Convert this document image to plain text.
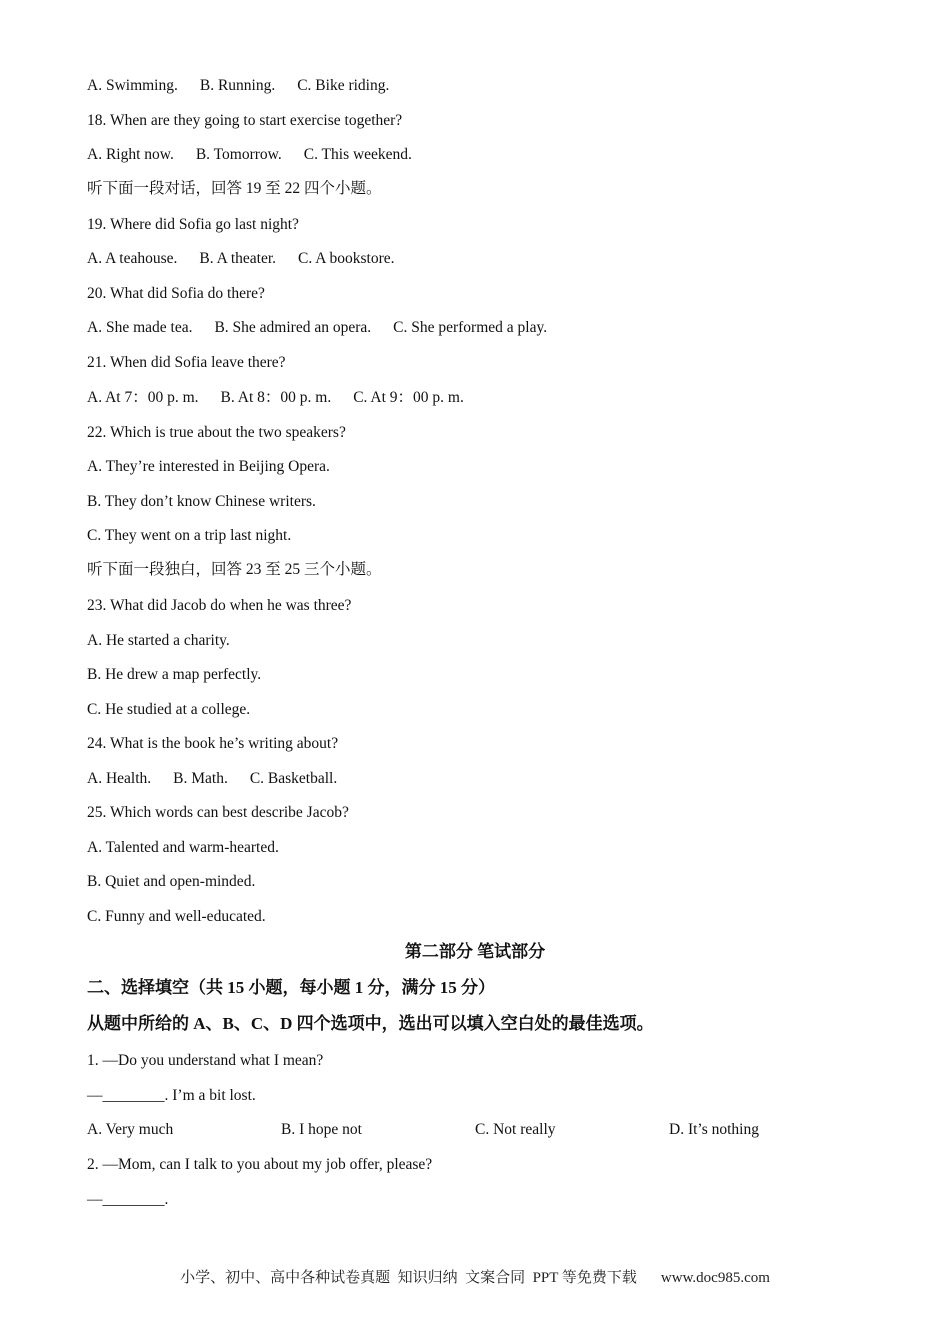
A. Swimming. B. Running. C. Bike riding.
18. When are they going to start exercise together?
A. Right now. B. Tomorrow. C. This weekend.
听下面一段对话，回答 19 至 22 四个小题。
19. Where did Sofia go last night?
A. A teahouse. B. A theater. C. A bookstore.
20. What did Sofia do there?
A. She made tea. B. She admired an opera. C. She performed a play.
21. When did Sofia leave there?
A. At 7：00 p. m. B. At 8：00 p. m. C. At 9：00 p. m.
22. Which is true about the two speakers?
A. They’re interested in Beijing Opera.
B. They don’t know Chinese writers.
C. They went on a trip last night.
听下面一段独白，回答 23 至 25 三个小题。
23. What did Jacob do when he was three?
A. He started a charity.
B. He drew a map perfectly.
C. He studied at a college.
24. What is the book he’s writing about?
A. Health. B. Math. C. Basketball.
25. Which words can best describe Jacob?
A. Talented and warm-hearted.
B. Quiet and open-minded.
C. Funny and well-educated.
第二部分 笔试部分
二、选择填空（共 15 小题，每小题 1 分，满分 15 分）
从题中所给的 A、B、C、D 四个选项中，选出可以填入空白处的最佳选项。
1. —Do you understand what I mean?
—________. I’m a bit lost.
A. Very much	B. I hope not	C. Not really	D. It’s nothing
2. —Mom, can I talk to you about my job offer, please?
—________.
小学、初中、高中各种试卷真题  知识归纳  文案合同  PPT 等免费下载 www.doc985.com
